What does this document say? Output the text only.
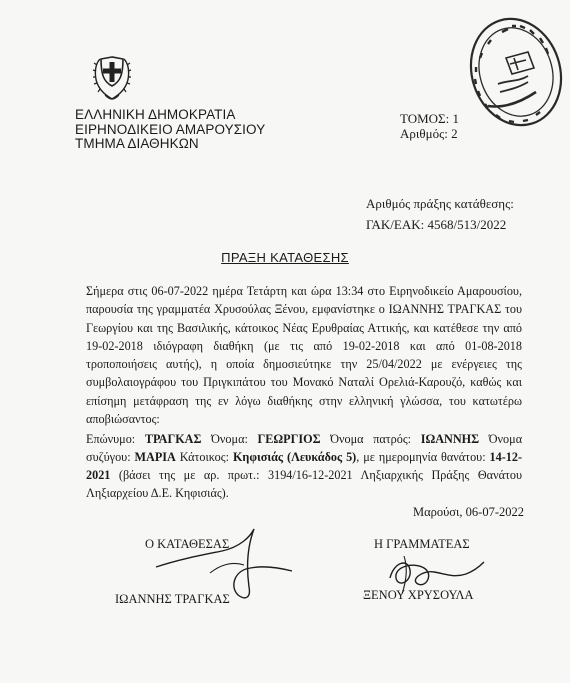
ΕΛΛΗΝΙΚΗ ΔΗΜΟΚΡΑΤΙΑ
ΕΙΡΗΝΟΔΙΚΕΙΟ ΑΜΑΡΟΥΣΙΟΥ
ΤΜΗΜΑ ΔΙΑΘΗΚΩΝ
ΤΟΜΟΣ: 1
Αριθμός: 2
Αριθμός πράξης κατάθεσης:
ΓΑΚ/ΕΑΚ: 4568/513/2022
ΠΡΑΞΗ ΚΑΤΑΘΕΣΗΣ
Σήμερα στις 06-07-2022 ημέρα Τετάρτη και ώρα 13:34 στο Ειρηνοδικείο Αμαρουσίου, παρουσία της γραμματέα Χρυσούλας Ξένου, εμφανίστηκε ο ΙΩΑΝΝΗΣ ΤΡΑΓΚΑΣ του Γεωργίου και της Βασιλικής, κάτοικος Νέας Ερυθραίας Αττικής, και κατέθεσε την από 19-02-2018 ιδιόγραφη διαθήκη (με τις από 19-02-2018 και από 01-08-2018 τροποποιήσεις αυτής), η οποία δημοσιεύτηκε την 25/04/2022 με ενέργειες της συμβολαιογράφου του Πριγκιπάτου του Μονακό Ναταλί Ορελιά-Καρουζό, καθώς και επίσημη μετάφραση της εν λόγω διαθήκης στην ελληνική γλώσσα, του κατωτέρω αποβιώσαντος:
Επώνυμο: ΤΡΑΓΚΑΣ Όνομα: ΓΕΩΡΓΙΟΣ Όνομα πατρός: ΙΩΑΝΝΗΣ Όνομα συζύγου: ΜΑΡΙΑ Κάτοικος: Κηφισιάς (Λευκάδος 5), με ημερομηνία θανάτου: 14-12-2021 (βάσει της με αρ. πρωτ.: 3194/16-12-2021 Ληξιαρχικής Πράξης Θανάτου Ληξιαρχείου Δ.Ε. Κηφισιάς).
Μαρούσι, 06-07-2022
Ο ΚΑΤΑΘΕΣΑΣ
ΙΩΑΝΝΗΣ ΤΡΑΓΚΑΣ
Η ΓΡΑΜΜΑΤΕΑΣ
ΞΕΝΟΥ ΧΡΥΣΟΥΛΑ
